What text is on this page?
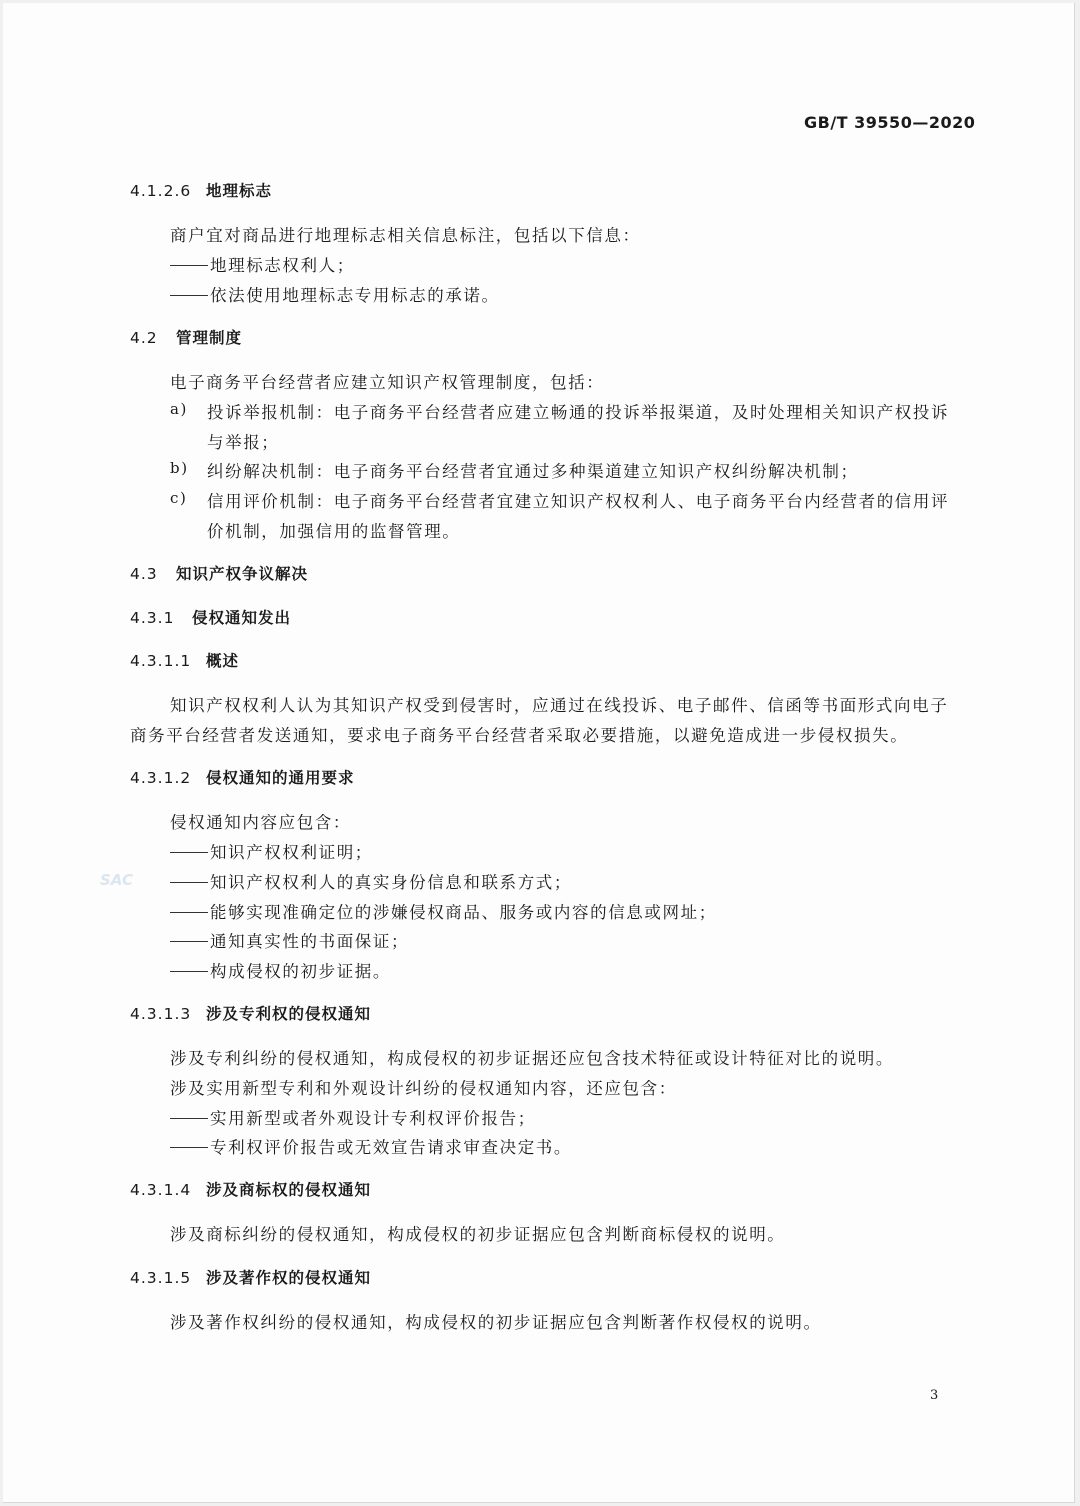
GB/T 39550—2020
4.1.2.6 地理标志
商户宜对商品进行地理标志相关信息标注，包括以下信息：
地理标志权利人；
依法使用地理标志专用标志的承诺。
4.2 管理制度
电子商务平台经营者应建立知识产权管理制度，包括：
a) 投诉举报机制：电子商务平台经营者应建立畅通的投诉举报渠道，及时处理相关知识产权投诉
与举报；
b) 纠纷解决机制：电子商务平台经营者宜通过多种渠道建立知识产权纠纷解决机制；
c) 信用评价机制：电子商务平台经营者宜建立知识产权权利人、电子商务平台内经营者的信用评
价机制，加强信用的监督管理。
4.3 知识产权争议解决
4.3.1 侵权通知发出
4.3.1.1 概述
知识产权权利人认为其知识产权受到侵害时，应通过在线投诉、电子邮件、信函等书面形式向电子
商务平台经营者发送通知，要求电子商务平台经营者采取必要措施，以避免造成进一步侵权损失。
4.3.1.2 侵权通知的通用要求
侵权通知内容应包含：
知识产权权利证明；
知识产权权利人的真实身份信息和联系方式；
能够实现准确定位的涉嫌侵权商品、服务或内容的信息或网址；
通知真实性的书面保证；
构成侵权的初步证据。
4.3.1.3 涉及专利权的侵权通知
涉及专利纠纷的侵权通知，构成侵权的初步证据还应包含技术特征或设计特征对比的说明。
涉及实用新型专利和外观设计纠纷的侵权通知内容，还应包含：
实用新型或者外观设计专利权评价报告；
专利权评价报告或无效宣告请求审查决定书。
4.3.1.4 涉及商标权的侵权通知
涉及商标纠纷的侵权通知，构成侵权的初步证据应包含判断商标侵权的说明。
4.3.1.5 涉及著作权的侵权通知
涉及著作权纠纷的侵权通知，构成侵权的初步证据应包含判断著作权侵权的说明。
SAC
3
